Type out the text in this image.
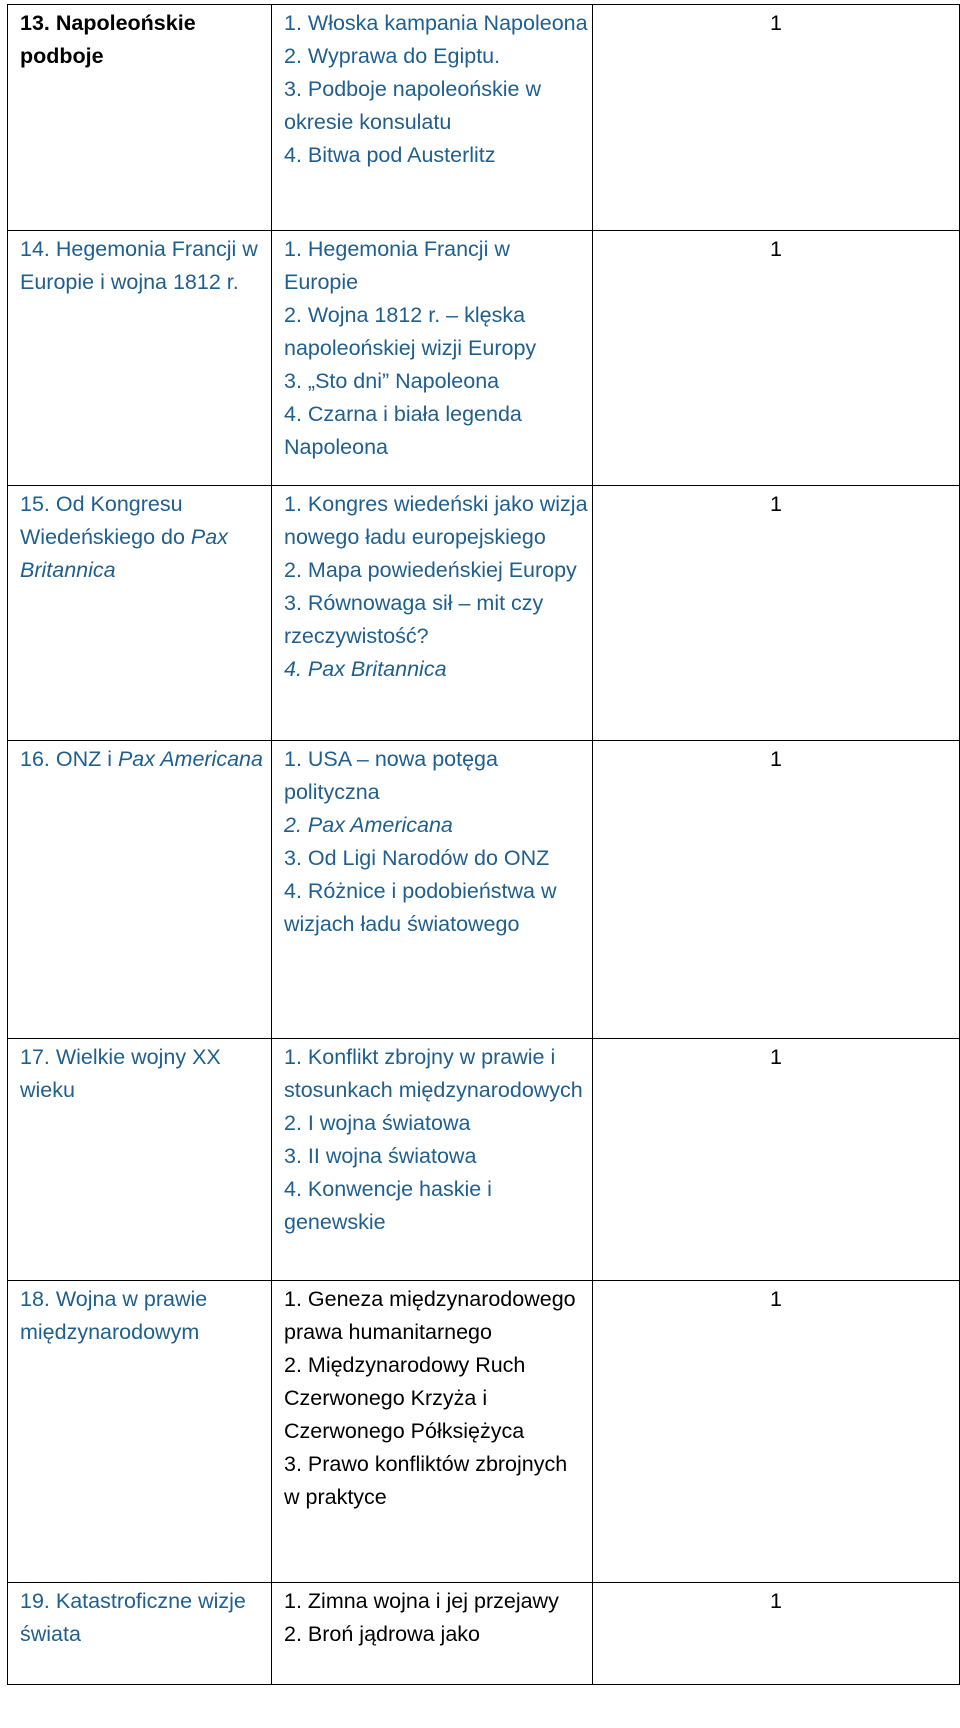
13. Napoleońskie podboje	1. Włoska kampania Napoleona
2. Wyprawa do Egiptu.
3. Podboje napoleońskie w okresie konsulatu
4. Bitwa pod Austerlitz	1
14. Hegemonia Francji w Europie i wojna 1812 r.	1. Hegemonia Francji w Europie
2. Wojna 1812 r. – klęska napoleońskiej wizji Europy
3. „Sto dni” Napoleona
4. Czarna i biała legenda Napoleona	1
15. Od Kongresu Wiedeńskiego do Pax Britannica	1. Kongres wiedeński jako wizja nowego ładu europejskiego
2. Mapa powiedeńskiej Europy
3. Równowaga sił – mit czy rzeczywistość?
4. Pax Britannica	1
16. ONZ i Pax Americana	1. USA – nowa potęga polityczna
2. Pax Americana
3. Od Ligi Narodów do ONZ
4. Różnice i podobieństwa w wizjach ładu światowego	1
17. Wielkie wojny XX wieku	1. Konflikt zbrojny w prawie i stosunkach międzynarodowych
2. I wojna światowa
3. II wojna światowa
4. Konwencje haskie i genewskie	1
18. Wojna w prawie międzynarodowym	1. Geneza międzynarodowego prawa humanitarnego
2. Międzynarodowy Ruch Czerwonego Krzyża i Czerwonego Półksiężyca
3. Prawo konfliktów zbrojnych w praktyce	1
19. Katastroficzne wizje świata	1. Zimna wojna i jej przejawy
2. Broń jądrowa jako	1
